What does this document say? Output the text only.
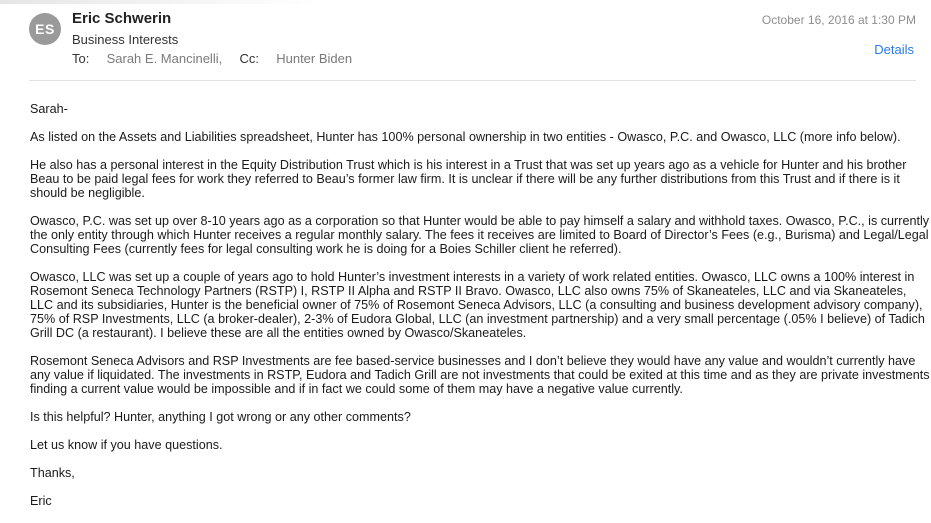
ES
Eric Schwerin
Business Interests
To: Sarah E. Mancinelli, Cc: Hunter Biden
October 16, 2016 at 1:30 PM
Details

Sarah-

As listed on the Assets and Liabilities spreadsheet, Hunter has 100% personal ownership in two entities - Owasco, P.C. and Owasco, LLC (more info below).

He also has a personal interest in the Equity Distribution Trust which is his interest in a Trust that was set up years ago as a vehicle for Hunter and his brother Beau to be paid legal fees for work they referred to Beau’s former law firm. It is unclear if there will be any further distributions from this Trust and if there is it should be negligible.

Owasco, P.C. was set up over 8-10 years ago as a corporation so that Hunter would be able to pay himself a salary and withhold taxes. Owasco, P.C., is currently the only entity through which Hunter receives a regular monthly salary. The fees it receives are limited to Board of Director’s Fees (e.g., Burisma) and Legal/Legal Consulting Fees (currently fees for legal consulting work he is doing for a Boies Schiller client he referred).

Owasco, LLC was set up a couple of years ago to hold Hunter’s investment interests in a variety of work related entities. Owasco, LLC owns a 100% interest in Rosemont Seneca Technology Partners (RSTP) I, RSTP II Alpha and RSTP II Bravo. Owasco, LLC also owns 75% of Skaneateles, LLC and via Skaneateles, LLC and its subsidiaries, Hunter is the beneficial owner of 75% of Rosemont Seneca Advisors, LLC (a consulting and business development advisory company), 75% of RSP Investments, LLC (a broker-dealer), 2-3% of Eudora Global, LLC (an investment partnership) and a very small percentage (.05% I believe) of Tadich Grill DC (a restaurant). I believe these are all the entities owned by Owasco/Skaneateles.

Rosemont Seneca Advisors and RSP Investments are fee based-service businesses and I don’t believe they would have any value and wouldn’t currently have any value if liquidated. The investments in RSTP, Eudora and Tadich Grill are not investments that could be exited at this time and as they are private investments finding a current value would be impossible and if in fact we could some of them may have a negative value currently.

Is this helpful? Hunter, anything I got wrong or any other comments?

Let us know if you have questions.

Thanks,

Eric
